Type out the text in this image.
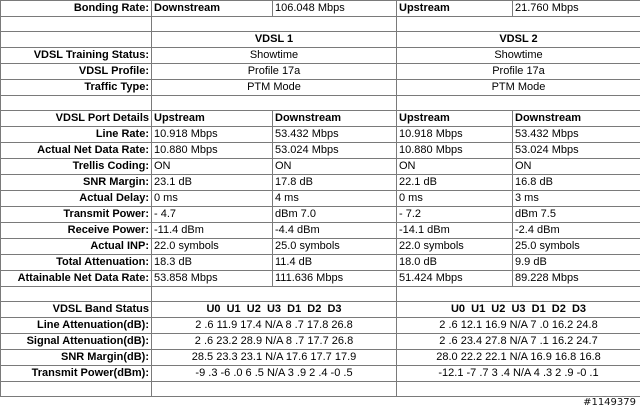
Bonding Rate:	Downstream	106.048 Mbps	Upstream	21.760 Mbps

	VDSL 1		VDSL 2	
VDSL Training Status:	Showtime		Showtime	
VDSL Profile:	Profile 17a		Profile 17a	
Traffic Type:	PTM Mode		PTM Mode	

VDSL Port Details	Upstream	Downstream	Upstream	Downstream
Line Rate:	10.918 Mbps	53.432 Mbps	10.918 Mbps	53.432 Mbps
Actual Net Data Rate:	10.880 Mbps	53.024 Mbps	10.880 Mbps	53.024 Mbps
Trellis Coding:	ON	ON	ON	ON
SNR Margin:	23.1 dB	17.8 dB	22.1 dB	16.8 dB
Actual Delay:	0 ms	4 ms	0 ms	3 ms
Transmit Power:	- 4.7	dBm 7.0	- 7.2	dBm 7.5
Receive Power:	-11.4 dBm	-4.4 dBm	-14.1 dBm	-2.4 dBm
Actual INP:	22.0 symbols	25.0 symbols	22.0 symbols	25.0 symbols
Total Attenuation:	18.3 dB	11.4 dB	18.0 dB	9.9 dB
Attainable Net Data Rate:	53.858 Mbps	111.636 Mbps	51.424 Mbps	89.228 Mbps

VDSL Band Status	U0  U1  U2  U3  D1  D2  D3		U0  U1  U2  U3  D1  D2  D3	
Line Attenuation(dB):	2 .6 11.9 17.4 N/A 8 .7 17.8 26.8		2 .6 12.1 16.9 N/A 7 .0 16.2 24.8	
Signal Attenuation(dB):	2 .6 23.2 28.9 N/A 8 .7 17.7 26.8		2 .6 23.4 27.8 N/A 7 .1 16.2 24.7	
SNR Margin(dB):	28.5 23.3 23.1 N/A 17.6 17.7 17.9		28.0 22.2 22.1 N/A 16.9 16.8 16.8	
Transmit Power(dBm):	-9 .3 -6 .0 6 .5 N/A 3 .9 2 .4 -0 .5		-12.1 -7 .7 3 .4 N/A 4 .3 2 .9 -0 .1	

#1149379
